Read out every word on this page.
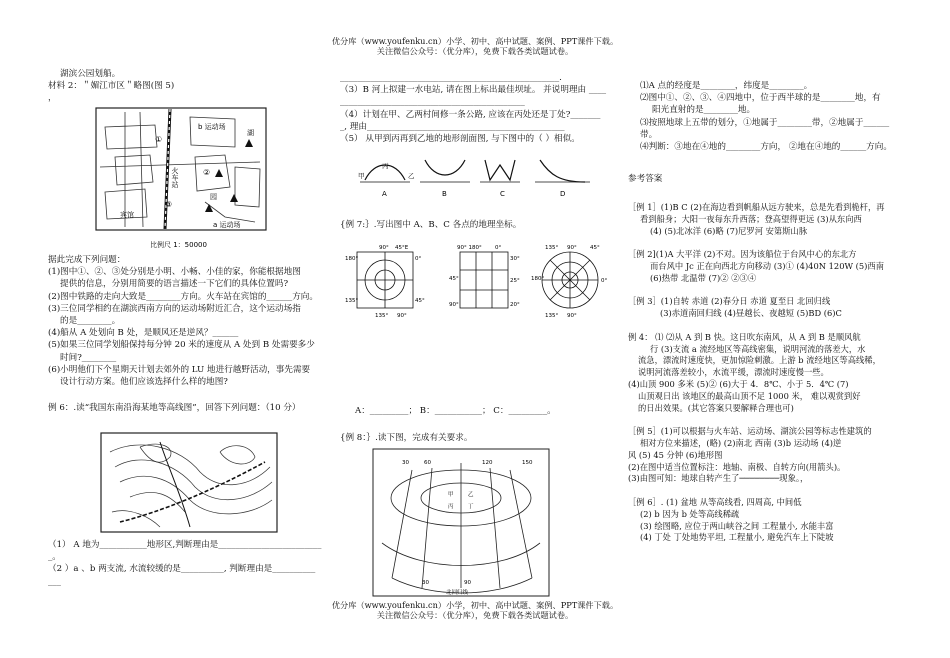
优分库（www.youfenku.cn）小学、初中、高中试题、案例、PPT课件下载。
关注微信公众号：（优分库），免费下载各类试题试卷。

湖滨公园划船。

材料 2：＂媚江市区＂略图(图 5)

，

b 运动场
火车站
宾馆
园
a 运动场
湖
①
②
③
比例尺 1：50000

据此完成下列问题：

(1)图中①、②、③处分别是小明、小畅、小佳的家，你能根据地图

提供的信息，分别用简要的语言描述一下它们的具体位置吗?

(2)图中铁路的走向大致是________方向。火车站在宾馆的______方向。

(3)三位同学相约在湖滨西南方向的运动场附近汇合，这个运动场指

的是________。

(4)船从 A 处划向 B 处，是顺风还是逆风？______

(5)如果三位同学划船保持每分钟 20 米的速度从 A 处到 B 处需要多少

时间?________

(6)小明他们下个星期天计划去郊外的 LU 地进行越野活动，事先需要

设计行动方案。他们应该选择什么样的地图?

例 6：.读“我国东南沿海某地等高线图”，回答下列问题：（10 分）

（1） A 地为___________地形区,判断理由是________________________

_。

（2 ）a 、b 两支流, 水流较缓的是__________, 判断理由是__________

___

___________________________________________________.

（3）B 河上拟建一水电站, 请在图上标出最佳坝址。 并说明理由 ____

___________________________________________

（4）计划在甲、乙两村间修一条公路, 应该在丙处还是丁处?_______

_, 理由______________________________________________

（5） 从甲到丙再到乙地的地形剖面图, 与下图中的（ ）相似。

甲	乙
丙
A	B	C	D
{例 7:｝.写出图中 A、B、C 各点的地理坐标。
90° 45°E
180°
135°
0°
45°
135° 90°
90° 180° 0°
30°
45°	25°
90°	20°
135° 90° 45°
180°
135° 90°
0°
A：_________； B：___________； C：_________。
{例 8：｝.读下图，完成有关要求。
60	120	150
30
甲	乙
丙	丁
30	90
北回归线

⑴A 点的经度是________，纬度是________。

⑵图中①、②、③、④四地中，位于西半球的是________地，有

阳光直射的是________地。

⑶按照地球上五带的划分，①地属于________带，②地属于______

带。

⑷判断：③地在④地的________方向， ②地在④地的______方向。

参考答案

［例 1］(1)B C (2)在海边看到帆船从远方驶来，总是先看到桅杆，再

看到船身；大阳一夜每东升西落；登高望得更远 (3)从东向西

(4) (5)北冰洋 (6)略 (7)尼罗河 安第斯山脉

［例 2](1)A 大平洋 (2)不对。因为该船位于台风中心的东北方

而台风中 Jc 正在向西北方向移动 (3)① (4)40N 120W (5)西南

(6)热带 北温带 (7)② ②③④

［例 3］(1)自转 赤道 (2)春分日 赤道 夏至日 北回归线

(3)赤道南回归线 (4)昼越长、夜越短 (5)BD (6)C

例 4： ⑴ ⑵从 A 到 B 快。这日吹东南风，从 A 到 B 是顺风航

行 (3)支流 a 流经地区等高线密集，说明河流的落差大，水

流急，漂流时速度快，更加惊险刺激。上游 b 流经地区等高线稀，

说明河流落差较小，水流平缓，漂流时速度慢一些。

(4)山顶 900 多米 (5)② (6)大于 4．8℃、小于 5．4℃ (7)

山顶观日出 该地区的最高山顶不足 1000 米， 难以观赏到好

的日出效果。(其它答案只要解释合理也可)

［例 5］(1)可以根据与火车站、运动场、湖滨公园等标志性建筑的

相对方位来描述，(略) (2)南北 西南 (3)b 运动场 (4)逆

风 (5) 45 分钟 (6)地形图

(2)在图中适当位置标注：地轴、南极、自转方向(用箭头)。

(3)由图可知：地球自转产生了────────现象。，

［例 6］. (1) 盆地 从等高线看, 四周高, 中间低

(2) b 因为 b 处等高线稀疏

(3) 绘图略, 应位于两山峡谷之间 工程量小, 水能丰富

(4) 丁处 丁处地势平坦, 工程量小, 避免汽车上下陡坡

优分库（www.youfenku.cn）小学，初中、高中试题、案例、PPT课件下载。
关注微信公众号：（优分库），免费下载各类试题试卷。
